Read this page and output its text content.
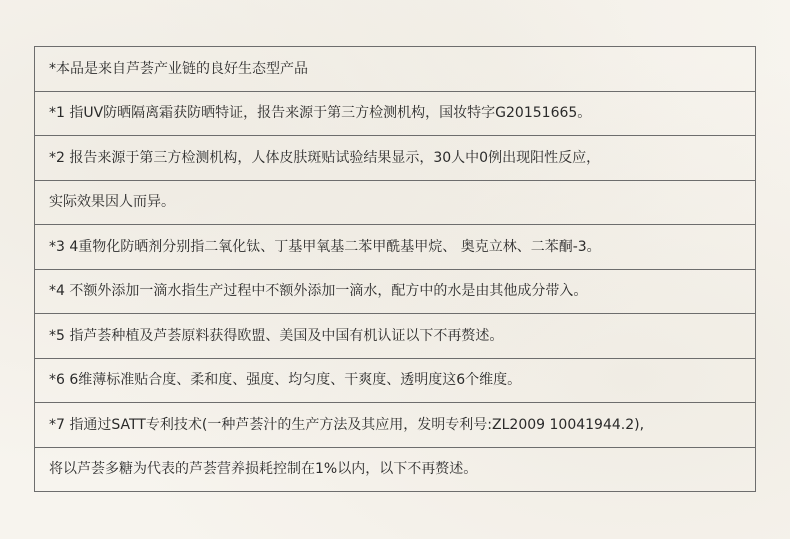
*本品是来自芦荟产业链的良好生态型产品
*1 指UV防晒隔离霜获防晒特证，报告来源于第三方检测机构，国妆特字G20151665。
*2 报告来源于第三方检测机构，人体皮肤斑贴试验结果显示，30人中0例出现阳性反应，
实际效果因人而异。
*3 4重物化防晒剂分别指二氧化钛、丁基甲氧基二苯甲酰基甲烷、 奥克立林、二苯酮-3。
*4 不额外添加一滴水指生产过程中不额外添加一滴水，配方中的水是由其他成分带入。
*5 指芦荟种植及芦荟原料获得欧盟、美国及中国有机认证以下不再赘述。
*6 6维薄标准贴合度、柔和度、强度、均匀度、干爽度、透明度这6个维度。
*7 指通过SATT专利技术(一种芦荟汁的生产方法及其应用，发明专利号:ZL2009 10041944.2),
将以芦荟多糖为代表的芦荟营养损耗控制在1%以内，以下不再赘述。
